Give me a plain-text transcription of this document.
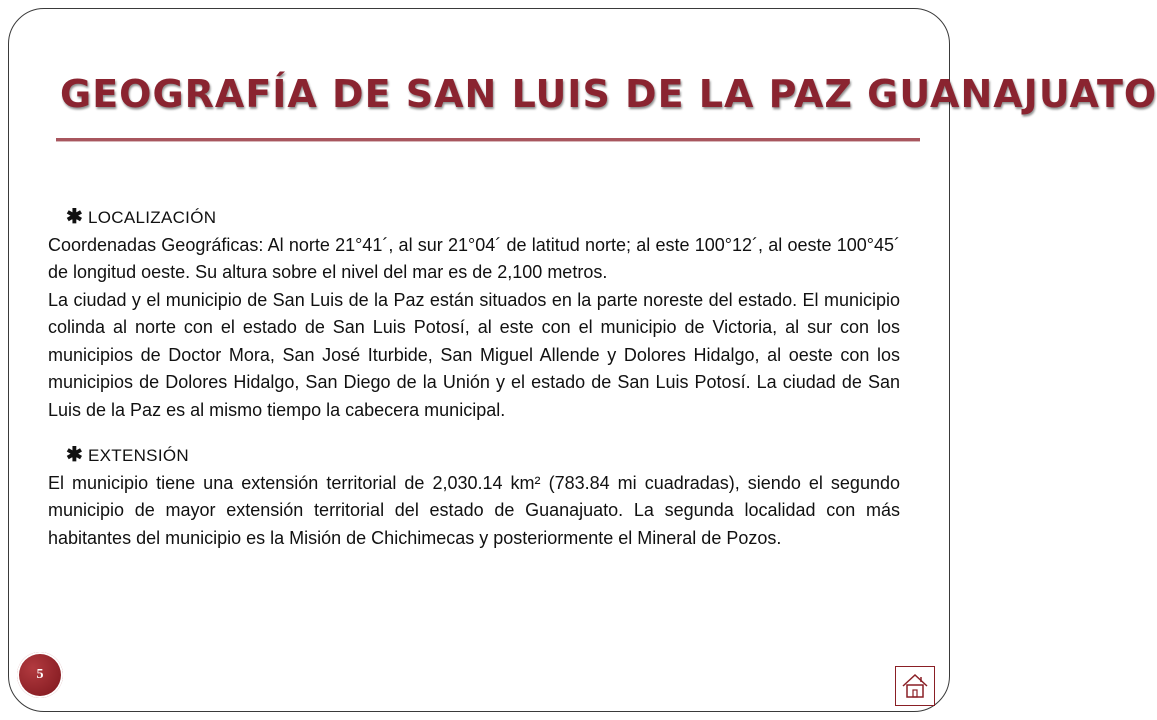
GEOGRAFÍA DE SAN LUIS DE LA PAZ GUANAJUATO
✱ LOCALIZACIÓN

Coordenadas Geográficas: Al norte 21°41´, al sur 21°04´ de latitud norte; al este 100°12´, al oeste 100°45´ de longitud oeste. Su altura sobre el nivel del mar es de 2,100 metros.

La ciudad y el municipio de San Luis de la Paz están situados en la parte noreste del estado. El municipio colinda al norte con el estado de San Luis Potosí, al este con el municipio de Victoria, al sur con los municipios de Doctor Mora, San José Iturbide, San Miguel Allende y Dolores Hidalgo, al oeste con los municipios de Dolores Hidalgo, San Diego de la Unión y el estado de San Luis Potosí. La ciudad de San Luis de la Paz es al mismo tiempo la cabecera municipal.

✱ EXTENSIÓN

El municipio tiene una extensión territorial de 2,030.14 km² (783.84 mi cuadradas), siendo el segundo municipio de mayor extensión territorial del estado de Guanajuato. La segunda localidad con más habitantes del municipio es la Misión de Chichimecas y posteriormente el Mineral de Pozos.

5
